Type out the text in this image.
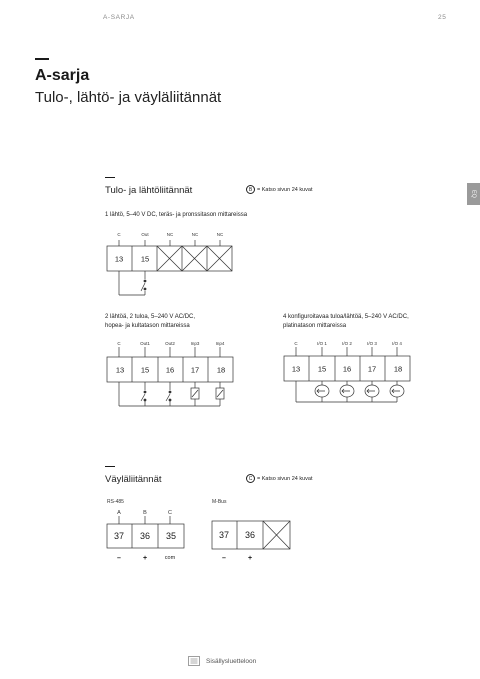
A-SARJA	25
A-sarja
Tulo-, lähtö- ja väyläliitännät
EQ
Tulo- ja lähtöliitännät	B = Katso sivun 24 kuvat
1 lähtö, 5–40 V DC, teräs- ja pronssitason mittareissa
2 lähtöä, 2 tuloa, 5–240 V AC/DC,
hopea- ja kultatason mittareissa
4 konfiguroitavaa tuloa/lähtöä, 5–240 V AC/DC,
platinatason mittareissa
Väyläliitännät	C = Katso sivun 24 kuvat
C	Out	NC	NC	NC
13 15
C	Out1	Out2	Inp3	Inp4
13 15 16 17 18
C	I/O 1	I/O 2	I/O 3	I/O 4
13 15 16 17 18
RS-485
A	B	C
37 36 35
–	+	com
M-Bus
37 36
–	+
Sisällysluetteloon
